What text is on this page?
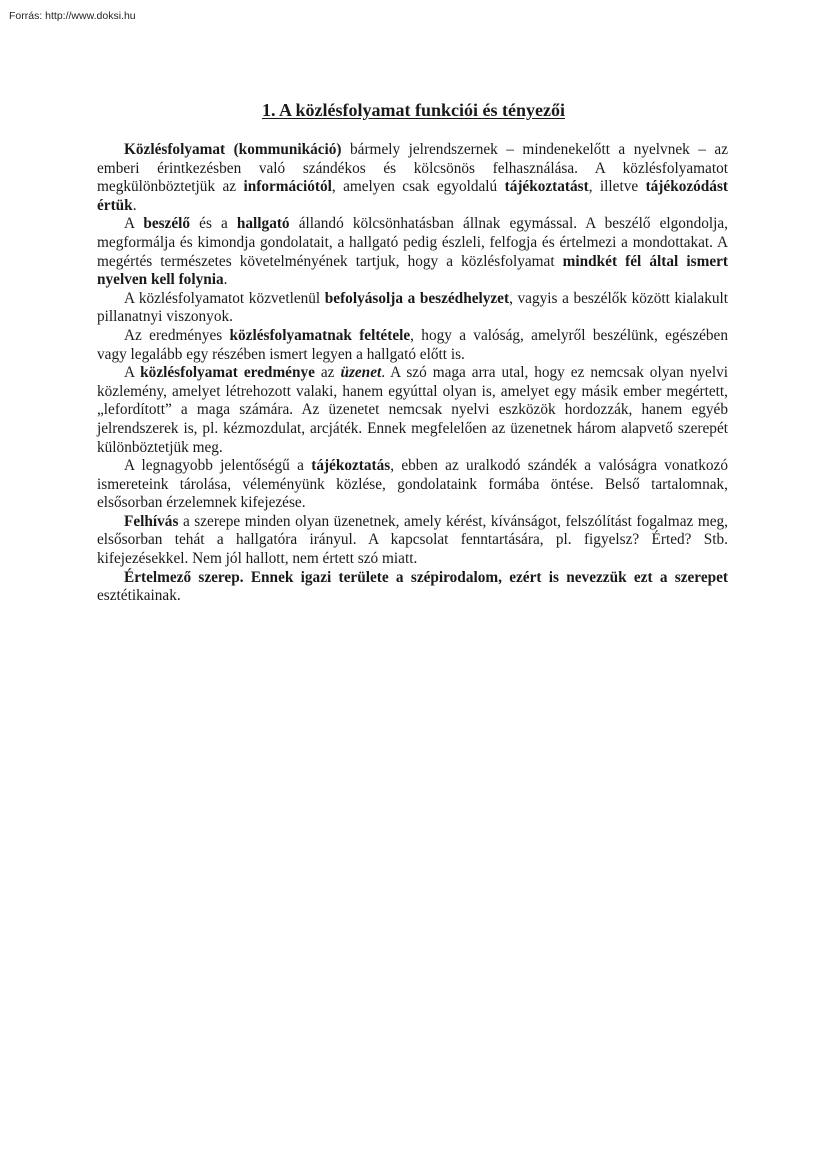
Forrás: http://www.doksi.hu
1. A közlésfolyamat funkciói és tényezői

Közlésfolyamat (kommunikáció) bármely jelrendszernek – mindenekelőtt a nyelvnek – az emberi érintkezésben való szándékos és kölcsönös felhasználása. A közlésfolyamatot megkülönböztetjük az információtól, amelyen csak egyoldalú tájékoztatást, illetve tájékozódást értük.

A beszélő és a hallgató állandó kölcsönhatásban állnak egymással. A beszélő elgondolja, megformálja és kimondja gondolatait, a hallgató pedig észleli, felfogja és értelmezi a mondottakat. A megértés természetes követelményének tartjuk, hogy a közlésfolyamat mindkét fél által ismert nyelven kell folynia.

A közlésfolyamatot közvetlenül befolyásolja a beszédhelyzet, vagyis a beszélők között kialakult pillanatnyi viszonyok.

Az eredményes közlésfolyamatnak feltétele, hogy a valóság, amelyről beszélünk, egészében vagy legalább egy részében ismert legyen a hallgató előtt is.

A közlésfolyamat eredménye az üzenet. A szó maga arra utal, hogy ez nemcsak olyan nyelvi közlemény, amelyet létrehozott valaki, hanem egyúttal olyan is, amelyet egy másik ember megértett, „lefordított” a maga számára. Az üzenetet nemcsak nyelvi eszközök hordozzák, hanem egyéb jelrendszerek is, pl. kézmozdulat, arcjáték. Ennek megfelelően az üzenetnek három alapvető szerepét különböztetjük meg.

A legnagyobb jelentőségű a tájékoztatás, ebben az uralkodó szándék a valóságra vonatkozó ismereteink tárolása, véleményünk közlése, gondolataink formába öntése. Belső tartalomnak, elsősorban érzelemnek kifejezése.

Felhívás a szerepe minden olyan üzenetnek, amely kérést, kívánságot, felszólítást fogalmaz meg, elsősorban tehát a hallgatóra irányul. A kapcsolat fenntartására, pl. figyelsz? Érted? Stb. kifejezésekkel. Nem jól hallott, nem értett szó miatt.

Értelmező szerep. Ennek igazi területe a szépirodalom, ezért is nevezzük ezt a szerepet esztétikainak.
